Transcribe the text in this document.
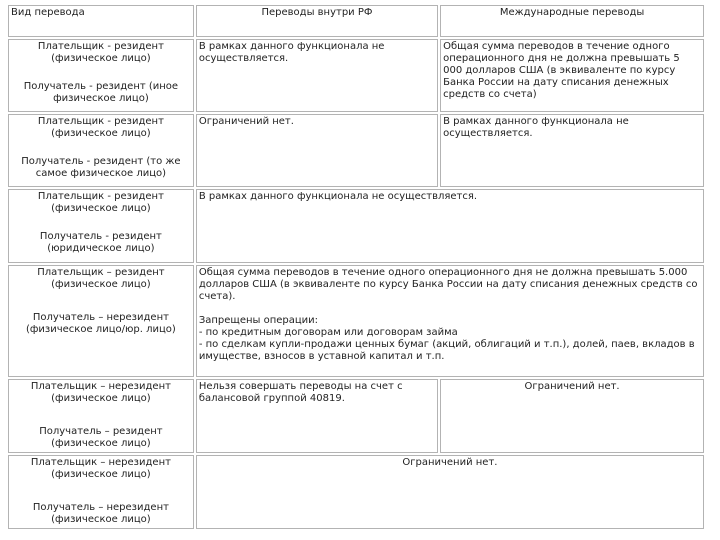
Вид перевода	Переводы внутри РФ	Международные переводы

Плательщик - резидент (физическое лицо)
Получатель - резидент (иное физическое лицо)	В рамках данного функционала не осуществляется.	Общая сумма переводов в течение одного операционного дня не должна превышать 5 000 долларов США (в эквиваленте по курсу Банка России на дату списания денежных средств со счета)

Плательщик - резидент (физическое лицо)
Получатель - резидент (то же самое физическое лицо)	Ограничений нет.	В рамках данного функционала не осуществляется.

Плательщик - резидент (физическое лицо)
Получатель - резидент (юридическое лицо)	В рамках данного функционала не осуществляется.	

Плательщик – резидент (физическое лицо)
Получатель – нерезидент (физическое лицо/юр. лицо)	Общая сумма переводов в течение одного операционного дня не должна превышать 5.000 долларов США (в эквиваленте по курсу Банка России на дату списания денежных средств со счета).
Запрещены операции:
- по кредитным договорам или договорам займа
- по сделкам купли-продажи ценных бумаг (акций, облигаций и т.п.), долей, паев, вкладов в имуществе, взносов в уставной капитал и т.п.	

Плательщик – нерезидент (физическое лицо)
Получатель – резидент (физическое лицо)	Нельзя совершать переводы на счет с балансовой группой 40819.	Ограничений нет.

Плательщик – нерезидент (физическое лицо)
Получатель – нерезидент (физическое лицо)	Ограничений нет.	
